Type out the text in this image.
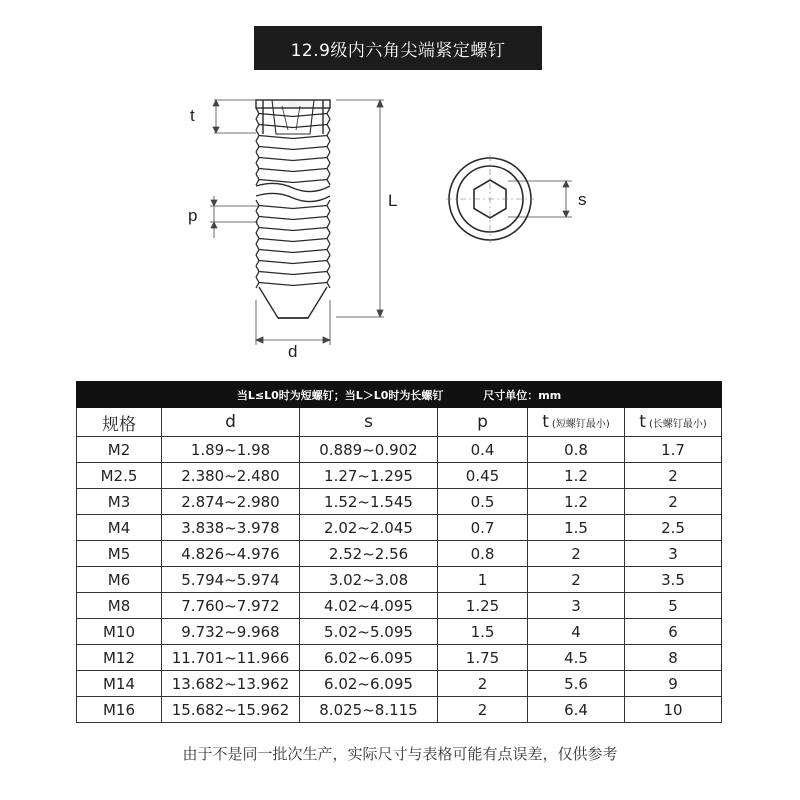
12.9级内六角尖端紧定螺钉
t
p
L
d
s
当L≤L0时为短螺钉；当L＞L0时为长螺钉 尺寸单位：mm					
规格	d	s	p	t (短螺钉最小)	t (长螺钉最小)
M2	1.89~1.98	0.889~0.902	0.4	0.8	1.7
M2.5	2.380~2.480	1.27~1.295	0.45	1.2	2
M3	2.874~2.980	1.52~1.545	0.5	1.2	2
M4	3.838~3.978	2.02~2.045	0.7	1.5	2.5
M5	4.826~4.976	2.52~2.56	0.8	2	3
M6	5.794~5.974	3.02~3.08	1	2	3.5
M8	7.760~7.972	4.02~4.095	1.25	3	5
M10	9.732~9.968	5.02~5.095	1.5	4	6
M12	11.701~11.966	6.02~6.095	1.75	4.5	8
M14	13.682~13.962	6.02~6.095	2	5.6	9
M16	15.682~15.962	8.025~8.115	2	6.4	10
由于不是同一批次生产，实际尺寸与表格可能有点误差，仅供参考
